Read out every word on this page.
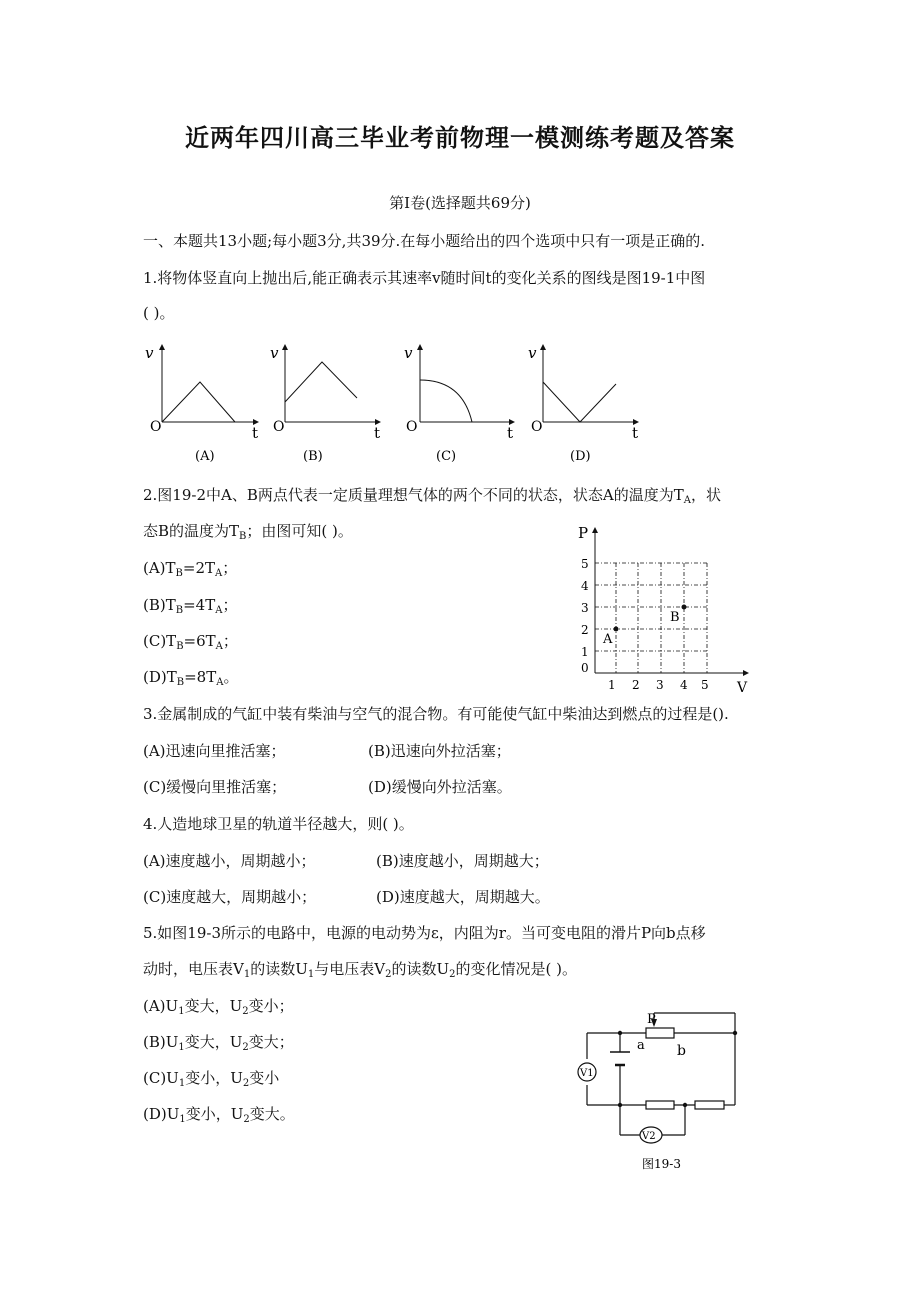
近两年四川高三毕业考前物理一模测练考题及答案
第Ⅰ卷(选择题共69分)
一、本题共13小题;每小题3分,共39分.在每小题给出的四个选项中只有一项是正确的.
1.将物体竖直向上抛出后,能正确表示其速率v随时间t的变化关系的图线是图19-1中图
( )。
v
O	t
(A)
v
O	t
(B)
v
O	t
(C)
v
O	t
(D)
2.图19-2中A、B两点代表一定质量理想气体的两个不同的状态，状态A的温度为$T_A$，状
态B的温度为$T_B$；由图可知( )。
$(A)T_B=2T_A$；
$(B)T_B=4T_A$；
$(C)T_B=6T_A$；
$(D)T_B=8T_A$。
P
V
0
1
2
3
4
5
1 2 3 4 5
A
B
3.金属制成的气缸中装有柴油与空气的混合物。有可能使气缸中柴油达到燃点的过程是().
(A)迅速向里推活塞；	(B)迅速向外拉活塞；
(C)缓慢向里推活塞；	(D)缓慢向外拉活塞。
4.人造地球卫星的轨道半径越大，则( )。
(A)速度越小，周期越小；	(B)速度越小，周期越大；
(C)速度越大，周期越小；	(D)速度越大，周期越大。
5.如图19-3所示的电路中，电源的电动势为ε，内阻为r。当可变电阻的滑片P向b点移
动时，电压表$V_1$的读数$U_1$与电压表$V_2$的读数$U_2$的变化情况是( )。
$(A)U_1$变大，$U_2$变小；
$(B)U_1$变大，$U_2$变大；
$(C)U_1$变小，$U_2$变小
$(D)U_1$变小，$U_2$变大。
V1
V2
P
a b
图19-3
